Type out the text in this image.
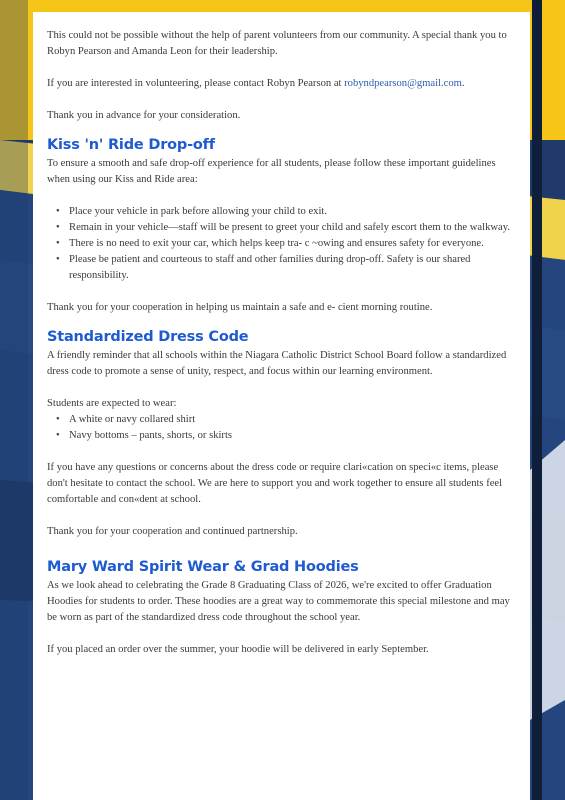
This could not be possible without the help of parent volunteers from our community. A special thank you to Robyn Pearson and Amanda Leon for their leadership.

If you are interested in volunteering, please contact Robyn Pearson at robyndpearson@gmail.com.

Thank you in advance for your consideration.

Kiss 'n' Ride Drop-off

To ensure a smooth and safe drop-off experience for all students, please follow these important guidelines when using our Kiss and Ride area:

• Place your vehicle in park before allowing your child to exit.
• Remain in your vehicle—staff will be present to greet your child and safely escort them to the walkway.
• There is no need to exit your car, which helps keep tra- c ~owing and ensures safety for everyone.
• Please be patient and courteous to staff and other families during drop-off. Safety is our shared responsibility.

Thank you for your cooperation in helping us maintain a safe and e- cient morning routine.

Standardized Dress Code

A friendly reminder that all schools within the Niagara Catholic District School Board follow a standardized dress code to promote a sense of unity, respect, and focus within our learning environment.

Students are expected to wear:

• A white or navy collared shirt
• Navy bottoms – pants, shorts, or skirts

If you have any questions or concerns about the dress code or require clari«cation on speci«c items, please don't hesitate to contact the school. We are here to support you and work together to ensure all students feel comfortable and con«dent at school.

Thank you for your cooperation and continued partnership.

Mary Ward Spirit Wear & Grad Hoodies

As we look ahead to celebrating the Grade 8 Graduating Class of 2026, we're excited to offer Graduation Hoodies for students to order. These hoodies are a great way to commemorate this special milestone and may be worn as part of the standardized dress code throughout the school year.

If you placed an order over the summer, your hoodie will be delivered in early September.
